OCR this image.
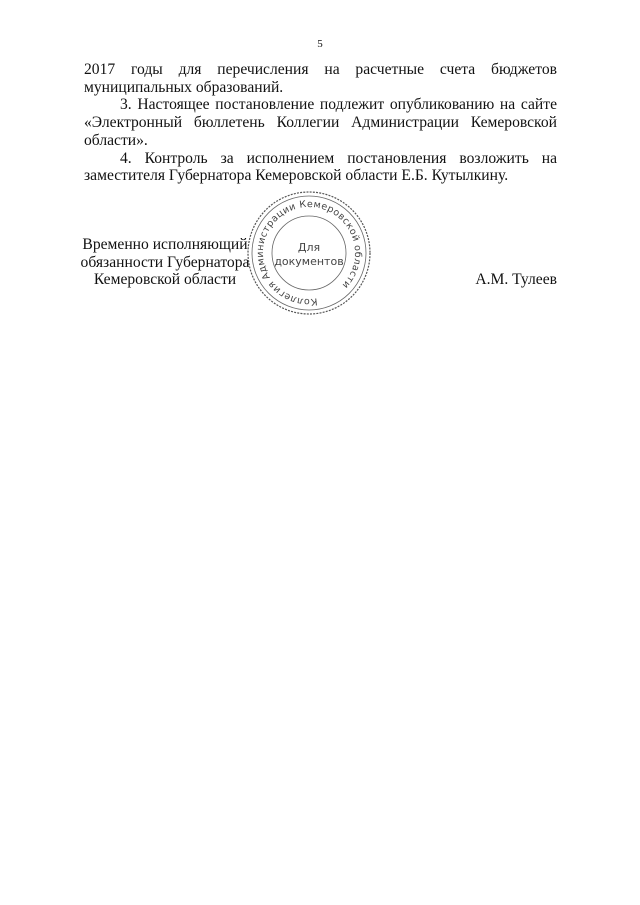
5
2017 годы для перечисления на расчетные счета бюджетов
муниципальных образований.
3. Настоящее постановление подлежит опубликованию на сайте
«Электронный бюллетень Коллегии Администрации Кемеровской
области».
4. Контроль за исполнением постановления возложить на
заместителя Губернатора Кемеровской области Е.Б. Кутылкину.
Временно исполняющий
обязанности Губернатора
Кемеровской области	А.М. Тулеев
Коллегия Администрации Кемеровской области
Для
документов
